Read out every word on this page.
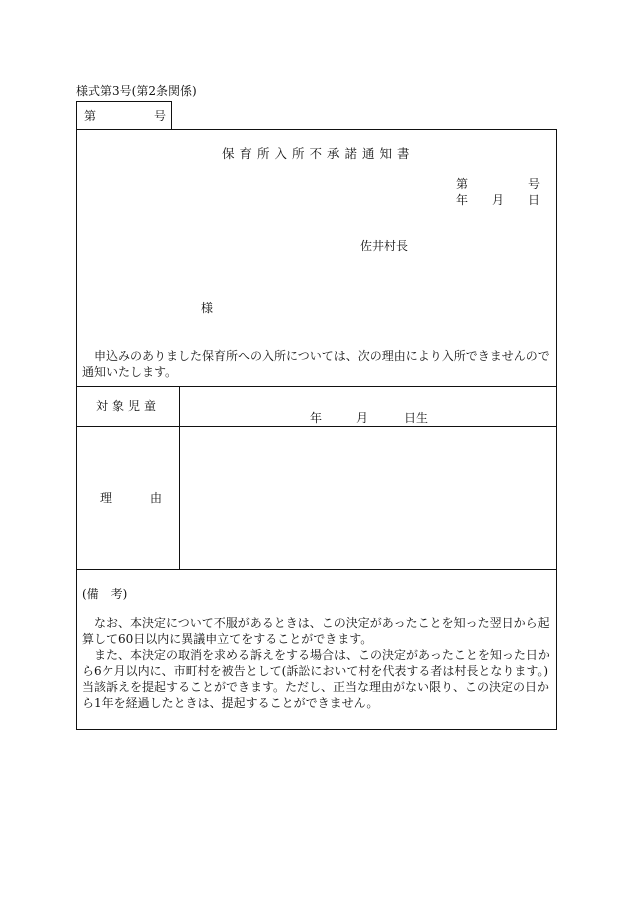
様式第3号(第2条関係)
第	号
保育所入所不承諾通知書
第	号
年 月 日
佐井村長
様
申込みのありました保育所への入所については、次の理由により入所できませんので通知いたします。
対象児童
年	月	日生
理由
(備　考)
なお、本決定について不服があるときは、この決定があったことを知った翌日から起算して60日以内に異議申立てをすることができます。
また、本決定の取消を求める訴えをする場合は、この決定があったことを知った日から6ケ月以内に、市町村を被告として(訴訟において村を代表する者は村長となります。)当該訴えを提起することができます。ただし、正当な理由がない限り、この決定の日から1年を経過したときは、提起することができません。
